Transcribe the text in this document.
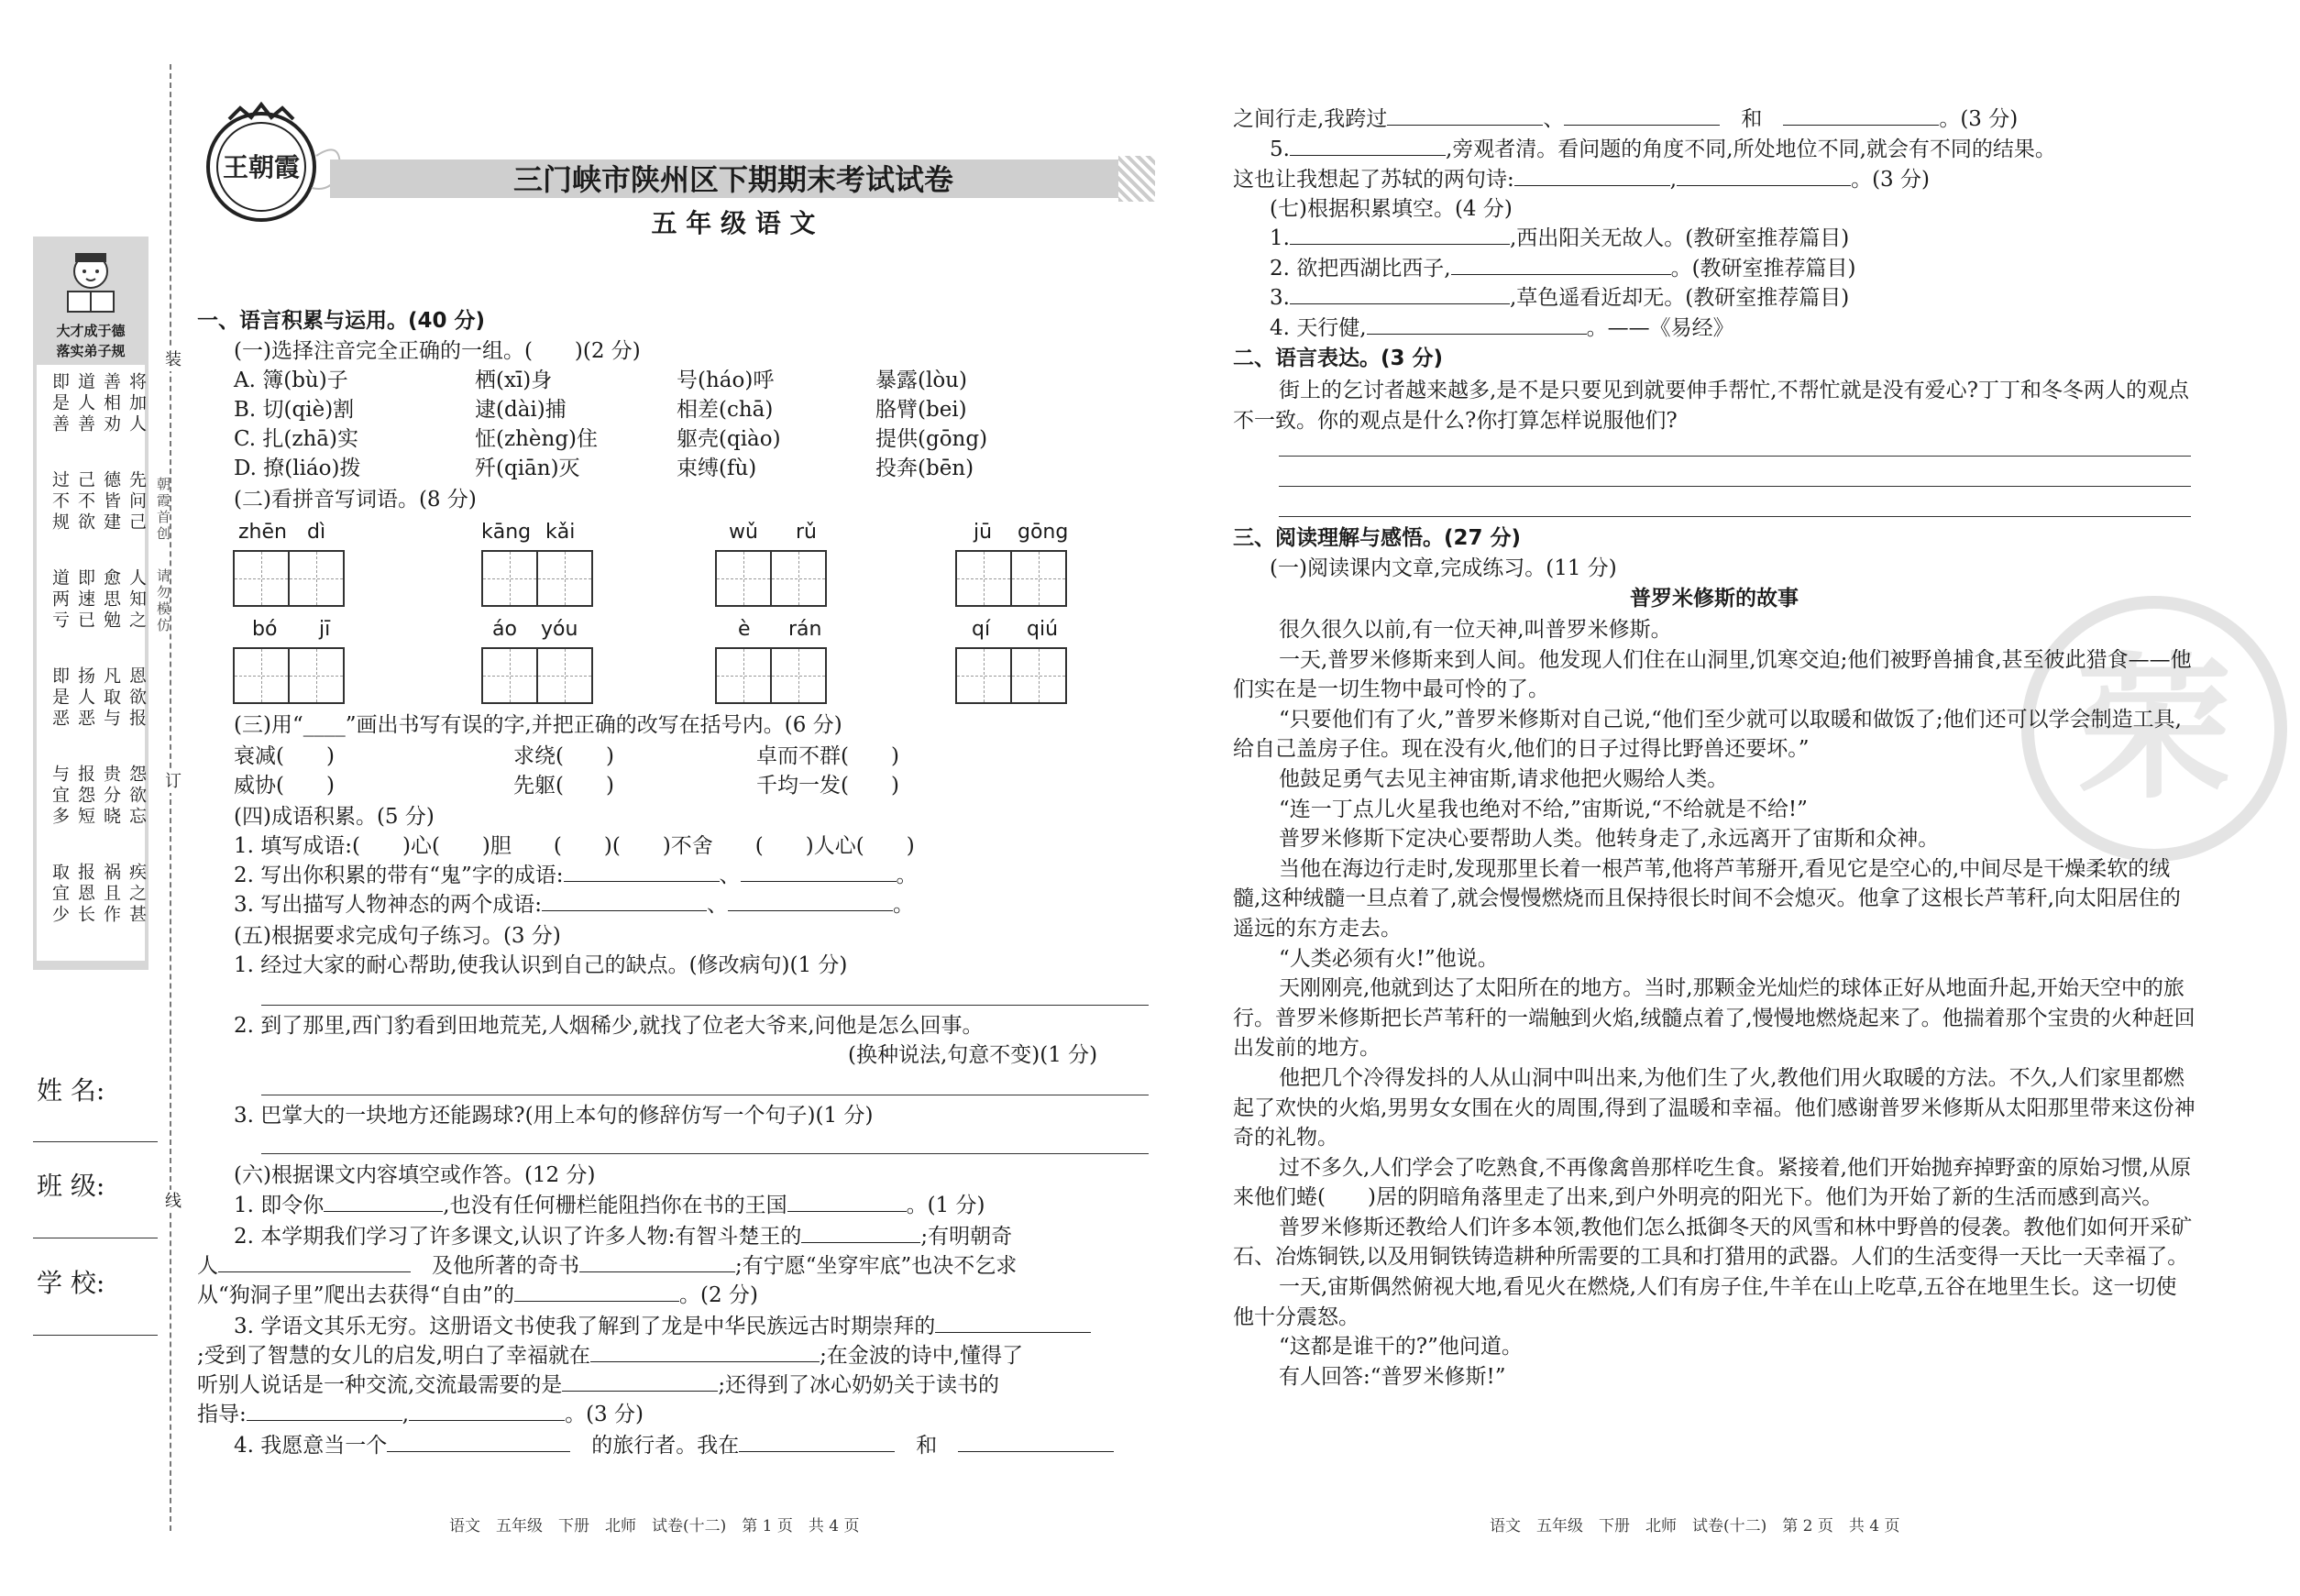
大才成于德
落实弟子规
将加人
善相劝
道人善
即是善
先问己
德皆建
己不欲
过不规
人知之
愈思勉
即速已
道两亏
恩欲报
凡取与
扬人恶
即是恶
怨欲忘
贵分晓
报怨短
与宜多
疾之甚
祸且作
报恩长
取宜少
装
订
线
朝霞首创
请勿模仿
姓 名:
班 级:
学 校:
王朝霞	三门峡市陕州区下期期末考试试卷
五 年 级 语 文
一、语言积累与运用。(40 分)
(一)选择注音完全正确的一组。(　　)(2 分)
A. 簿(bù)子	栖(xī)身	号(háo)呼	暴露(lòu)
B. 切(qiè)割	逮(dài)捕	相差(chā)	胳臂(bei)
C. 扎(zhā)实	怔(zhèng)住	躯壳(qiào)	提供(gōng)
D. 撩(liáo)拨	歼(qiān)灭	束缚(fù)	投奔(bēn)
(二)看拼音写词语。(8 分)
zhēn dì	kāng kǎi	wǔ rǔ	jū gōng
bó jī	áo yóu	è rán	qí qiú
(三)用“____”画出书写有误的字,并把正确的改写在括号内。(6 分)
衰减(　　)	求绕(　　)	卓而不群(　　)
威协(　　)	先躯(　　)	千均一发(　　)
(四)成语积累。(5 分)
1. 填写成语:(　　)心(　　)胆　　(　　)(　　)不舍　　(　　)人心(　　)
2. 写出你积累的带有“鬼”字的成语:	、	。
3. 写出描写人物神态的两个成语:	、	。
(五)根据要求完成句子练习。(3 分)
1. 经过大家的耐心帮助,使我认识到自己的缺点。(修改病句)(1 分)
2. 到了那里,西门豹看到田地荒芜,人烟稀少,就找了位老大爷来,问他是怎么回事。
(换种说法,句意不变)(1 分)
3. 巴掌大的一块地方还能踢球?(用上本句的修辞仿写一个句子)(1 分)
(六)根据课文内容填空或作答。(12 分)
1. 即令你	,也没有任何栅栏能阻挡你在书的王国	。(1 分)
2. 本学期我们学习了许多课文,认识了许多人物:有智斗楚王的	;有明朝奇
人　	及他所著的奇书	;有宁愿“坐穿牢底”也决不乞求
从“狗洞子里”爬出去获得“自由”的	。(2 分)
3. 学语文其乐无穷。这册语文书使我了解到了龙是中华民族远古时期崇拜的
;受到了智慧的女儿的启发,明白了幸福就在	;在金波的诗中,懂得了
听别人说话是一种交流,交流最需要的是	;还得到了冰心奶奶关于读书的
指导:	,	。(3 分)
4. 我愿意当一个　	的旅行者。我在　	和　
语文　五年级　下册　北师　试卷(十二)　第 1 页　共 4 页
之间行走,我跨过	、　	和　	。(3 分)
5.	,旁观者清。看问题的角度不同,所处地位不同,就会有不同的结果。
这也让我想起了苏轼的两句诗:	,	。(3 分)
(七)根据积累填空。(4 分)
1.	,西出阳关无故人。(教研室推荐篇目)
2. 欲把西湖比西子,	。(教研室推荐篇目)
3.	,草色遥看近却无。(教研室推荐篇目)
4. 天行健,	。——《易经》
二、语言表达。(3 分)
街上的乞讨者越来越多,是不是只要见到就要伸手帮忙,不帮忙就是没有爱心?丁丁和冬冬两人的观点不一致。你的观点是什么?你打算怎样说服他们?
三、阅读理解与感悟。(27 分)
(一)阅读课内文章,完成练习。(11 分)
普罗米修斯的故事
荣

很久很久以前,有一位天神,叫普罗米修斯。

一天,普罗米修斯来到人间。他发现人们住在山洞里,饥寒交迫;他们被野兽捕食,甚至彼此猎食——他们实在是一切生物中最可怜的了。

“只要他们有了火,”普罗米修斯对自己说,“他们至少就可以取暖和做饭了;他们还可以学会制造工具,给自己盖房子住。现在没有火,他们的日子过得比野兽还要坏。”

他鼓足勇气去见主神宙斯,请求他把火赐给人类。

“连一丁点儿火星我也绝对不给,”宙斯说,“不给就是不给!”

普罗米修斯下定决心要帮助人类。他转身走了,永远离开了宙斯和众神。

当他在海边行走时,发现那里长着一根芦苇,他将芦苇掰开,看见它是空心的,中间尽是干燥柔软的绒髓,这种绒髓一旦点着了,就会慢慢燃烧而且保持很长时间不会熄灭。他拿了这根长芦苇秆,向太阳居住的遥远的东方走去。

“人类必须有火!”他说。

天刚刚亮,他就到达了太阳所在的地方。当时,那颗金光灿烂的球体正好从地面升起,开始天空中的旅行。普罗米修斯把长芦苇秆的一端触到火焰,绒髓点着了,慢慢地燃烧起来了。他揣着那个宝贵的火种赶回出发前的地方。

他把几个冷得发抖的人从山洞中叫出来,为他们生了火,教他们用火取暖的方法。不久,人们家里都燃起了欢快的火焰,男男女女围在火的周围,得到了温暖和幸福。他们感谢普罗米修斯从太阳那里带来这份神奇的礼物。

过不多久,人们学会了吃熟食,不再像禽兽那样吃生食。紧接着,他们开始抛弃掉野蛮的原始习惯,从原来他们蜷(　　)居的阴暗角落里走了出来,到户外明亮的阳光下。他们为开始了新的生活而感到高兴。

普罗米修斯还教给人们许多本领,教他们怎么抵御冬天的风雪和林中野兽的侵袭。教他们如何开采矿石、冶炼铜铁,以及用铜铁铸造耕种所需要的工具和打猎用的武器。人们的生活变得一天比一天幸福了。

一天,宙斯偶然俯视大地,看见火在燃烧,人们有房子住,牛羊在山上吃草,五谷在地里生长。这一切使他十分震怒。

“这都是谁干的?”他问道。

有人回答:“普罗米修斯!”

语文　五年级　下册　北师　试卷(十二)　第 2 页　共 4 页
